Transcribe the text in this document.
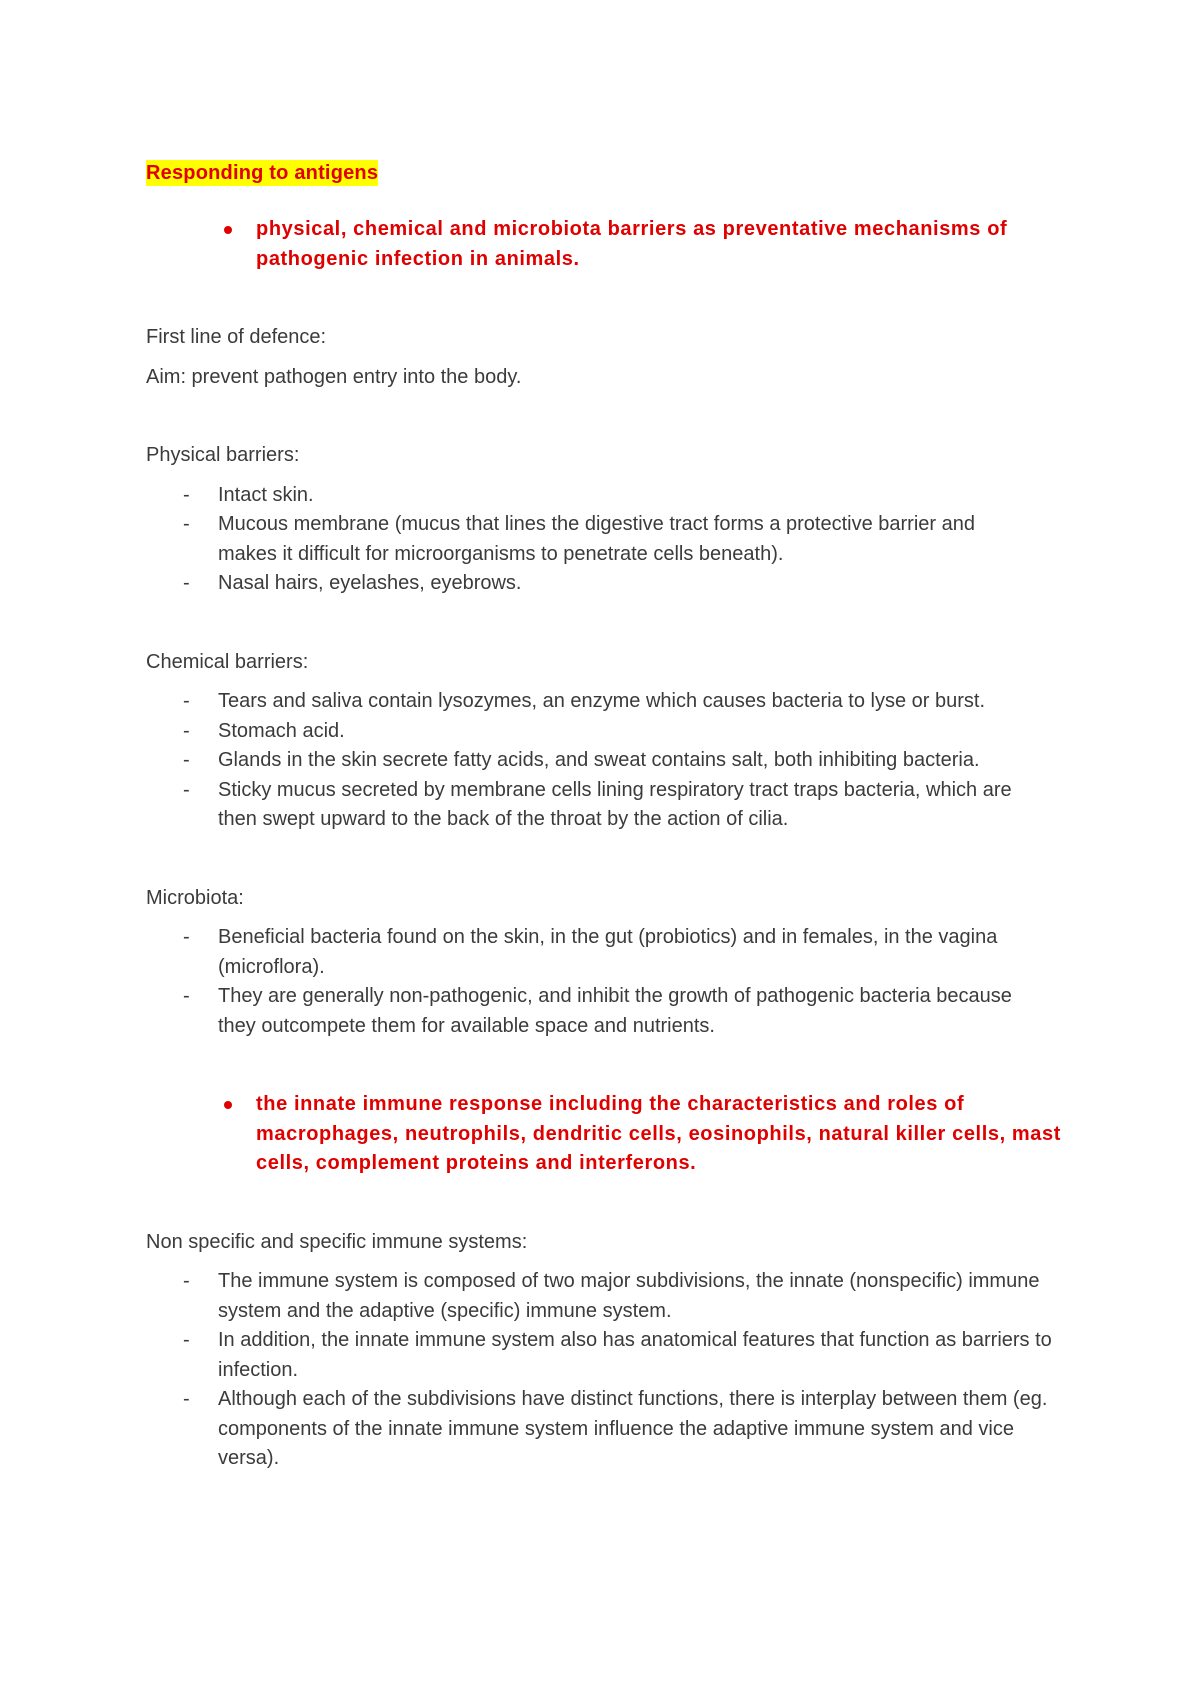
Responding to antigens
physical, chemical and microbiota barriers as preventative mechanisms of pathogenic infection in animals.
First line of defence:
Aim: prevent pathogen entry into the body.
Physical barriers:
- Intact skin.
- Mucous membrane (mucus that lines the digestive tract forms a protective barrier and makes it difficult for microorganisms to penetrate cells beneath).
- Nasal hairs, eyelashes, eyebrows.
Chemical barriers:
- Tears and saliva contain lysozymes, an enzyme which causes bacteria to lyse or burst.
- Stomach acid.
- Glands in the skin secrete fatty acids, and sweat contains salt, both inhibiting bacteria.
- Sticky mucus secreted by membrane cells lining respiratory tract traps bacteria, which are then swept upward to the back of the throat by the action of cilia.
Microbiota:
- Beneficial bacteria found on the skin, in the gut (probiotics) and in females, in the vagina (microflora).
- They are generally non-pathogenic, and inhibit the growth of pathogenic bacteria because they outcompete them for available space and nutrients.
the innate immune response including the characteristics and roles of macrophages, neutrophils, dendritic cells, eosinophils, natural killer cells, mast cells, complement proteins and interferons.
Non specific and specific immune systems:
- The immune system is composed of two major subdivisions, the innate (nonspecific) immune system and the adaptive (specific) immune system.
- In addition, the innate immune system also has anatomical features that function as barriers to infection.
- Although each of the subdivisions have distinct functions, there is interplay between them (eg. components of the innate immune system influence the adaptive immune system and vice versa).
